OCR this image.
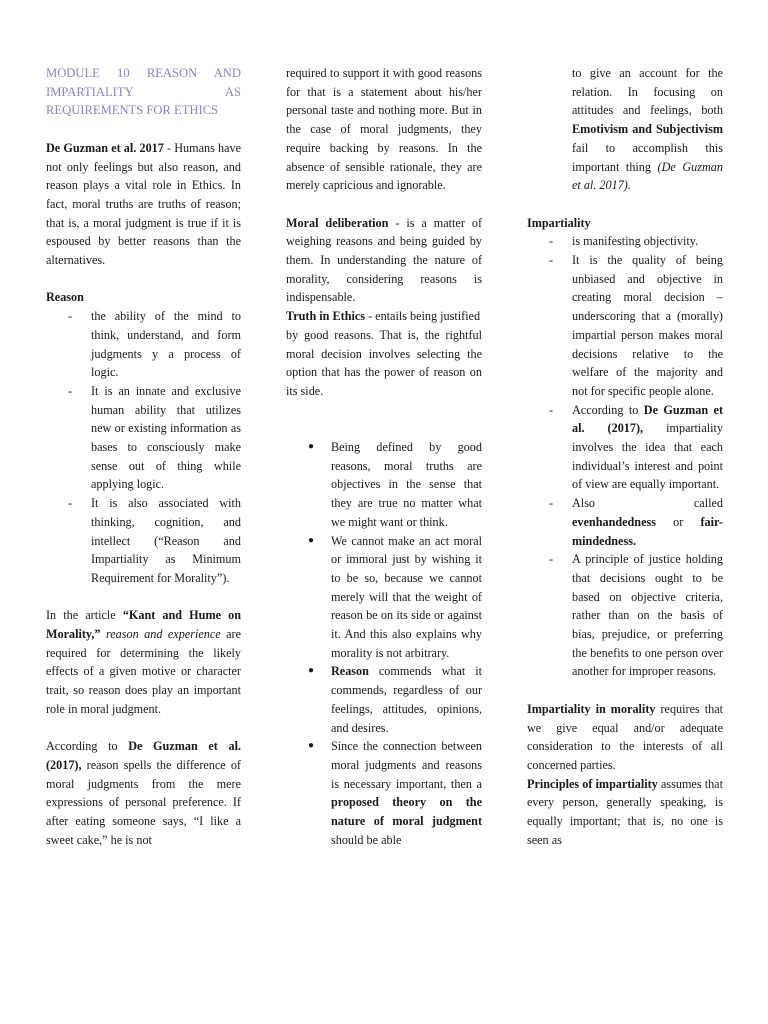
MODULE 10 REASON AND IMPARTIALITY AS REQUIREMENTS FOR ETHICS

De Guzman et al. 2017 - Humans have not only feelings but also reason, and reason plays a vital role in Ethics. In fact, moral truths are truths of reason; that is, a moral judgment is true if it is espoused by better reasons than the alternatives.

Reason

- the ability of the mind to think, understand, and form judgments y a process of logic.
- It is an innate and exclusive human ability that utilizes new or existing information as bases to consciously make sense out of thing while applying logic.
- It is also associated with thinking, cognition, and intellect (“Reason and Impartiality as Minimum Requirement for Morality”).

In the article “Kant and Hume on Morality,” reason and experience are required for determining the likely effects of a given motive or character trait, so reason does play an important role in moral judgment.

According to De Guzman et al. (2017), reason spells the difference of moral judgments from the mere expressions of personal preference. If after eating someone says, “I like a sweet cake,” he is not

required to support it with good reasons for that is a statement about his/her personal taste and nothing more. But in the case of moral judgments, they require backing by reasons. In the absence of sensible rationale, they are merely capricious and ignorable.

Moral deliberation - is a matter of weighing reasons and being guided by them. In understanding the nature of morality, considering reasons is indispensable.

Truth in Ethics - entails being justified

by good reasons. That is, the rightful moral decision involves selecting the option that has the power of reason on its side.

● Being defined by good reasons, moral truths are objectives in the sense that they are true no matter what we might want or think.
● We cannot make an act moral or immoral just by wishing it to be so, because we cannot merely will that the weight of reason be on its side or against it. And this also explains why morality is not arbitrary.
● Reason commends what it commends, regardless of our feelings, attitudes, opinions, and desires.
● Since the connection between moral judgments and reasons is necessary important, then a proposed theory on the nature of moral judgment should be able
to give an account for the relation. In focusing on attitudes and feelings, both Emotivism and Subjectivism fail to accomplish this important thing (De Guzman et al. 2017).

Impartiality

- is manifesting objectivity.
- It is the quality of being unbiased and objective in creating moral decision – underscoring that a (morally) impartial person makes moral decisions relative to the welfare of the majority and not for specific people alone.
- According to De Guzman et al. (2017), impartiality involves the idea that each individual’s interest and point of view are equally important.
- Also called
evenhandedness or fair-mindedness.
- A principle of justice holding that decisions ought to be based on objective criteria, rather than on the basis of bias, prejudice, or preferring the benefits to one person over another for improper reasons.

Impartiality in morality requires that we give equal and/or adequate consideration to the interests of all concerned parties.

Principles of impartiality assumes that every person, generally speaking, is equally important; that is, no one is seen as
